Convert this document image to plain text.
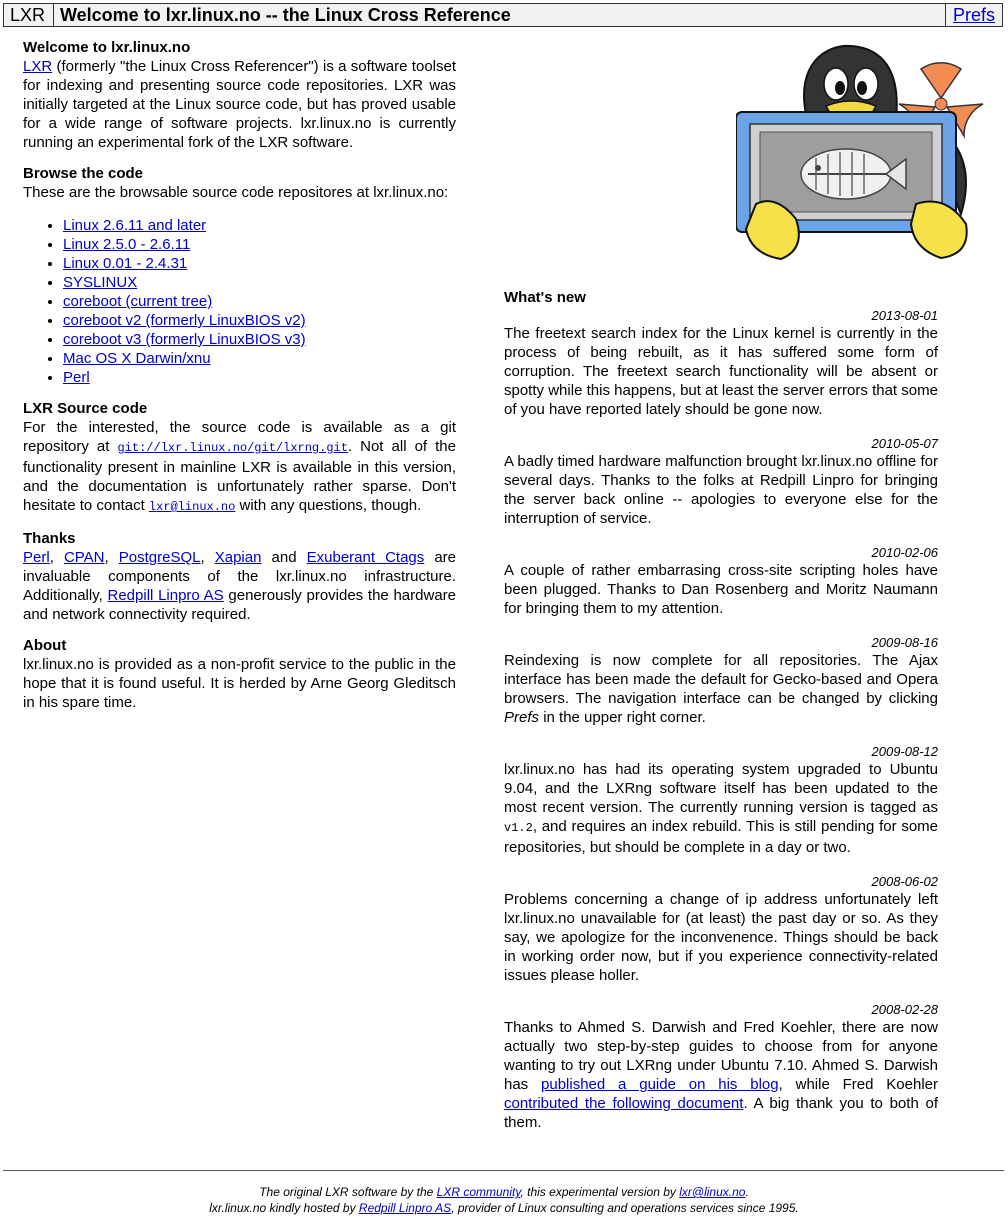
LXR Welcome to lxr.linux.no -- the Linux Cross Reference	Prefs
Welcome to lxr.linux.no

LXR (formerly "the Linux Cross Referencer") is a software toolset for indexing and presenting source code repositories. LXR was initially targeted at the Linux source code, but has proved usable for a wide range of software projects. lxr.linux.no is currently running an experimental fork of the LXR software.

Browse the code

These are the browsable source code repositores at lxr.linux.no:

• Linux 2.6.11 and later
• Linux 2.5.0 - 2.6.11
• Linux 0.01 - 2.4.31
• SYSLINUX
• coreboot (current tree)
• coreboot v2 (formerly LinuxBIOS v2)
• coreboot v3 (formerly LinuxBIOS v3)
• Mac OS X Darwin/xnu
• Perl
LXR Source code

For the interested, the source code is available as a git repository at git://lxr.linux.no/git/lxrng.git. Not all of the functionality present in mainline LXR is available in this version, and the documentation is unfortunately rather sparse. Don't hesitate to contact lxr@linux.no with any questions, though.

Thanks

Perl, CPAN, PostgreSQL, Xapian and Exuberant Ctags are invaluable components of the lxr.linux.no infrastructure. Additionally, Redpill Linpro AS generously provides the hardware and network connectivity required.

About

lxr.linux.no is provided as a non-profit service to the public in the hope that it is found useful. It is herded by Arne Georg Gleditsch in his spare time.

What's new
2013-08-01

The freetext search index for the Linux kernel is currently in the process of being rebuilt, as it has suffered some form of corruption. The freetext search functionality will be absent or spotty while this happens, but at least the server errors that some of you have reported lately should be gone now.

2010-05-07

A badly timed hardware malfunction brought lxr.linux.no offline for several days. Thanks to the folks at Redpill Linpro for bringing the server back online -- apologies to everyone else for the interruption of service.

2010-02-06

A couple of rather embarrasing cross-site scripting holes have been plugged. Thanks to Dan Rosenberg and Moritz Naumann for bringing them to my attention.

2009-08-16

Reindexing is now complete for all repositories. The Ajax interface has been made the default for Gecko-based and Opera browsers. The navigation interface can be changed by clicking Prefs in the upper right corner.

2009-08-12

lxr.linux.no has had its operating system upgraded to Ubuntu 9.04, and the LXRng software itself has been updated to the most recent version. The currently running version is tagged as v1.2, and requires an index rebuild. This is still pending for some repositories, but should be complete in a day or two.

2008-06-02

Problems concerning a change of ip address unfortunately left lxr.linux.no unavailable for (at least) the past day or so. As they say, we apologize for the inconvenence. Things should be back in working order now, but if you experience connectivity-related issues please holler.

2008-02-28

Thanks to Ahmed S. Darwish and Fred Koehler, there are now actually two step-by-step guides to choose from for anyone wanting to try out LXRng under Ubuntu 7.10. Ahmed S. Darwish has published a guide on his blog, while Fred Koehler contributed the following document. A big thank you to both of them.

The original LXR software by the LXR community, this experimental version by lxr@linux.no.
lxr.linux.no kindly hosted by Redpill Linpro AS, provider of Linux consulting and operations services since 1995.
